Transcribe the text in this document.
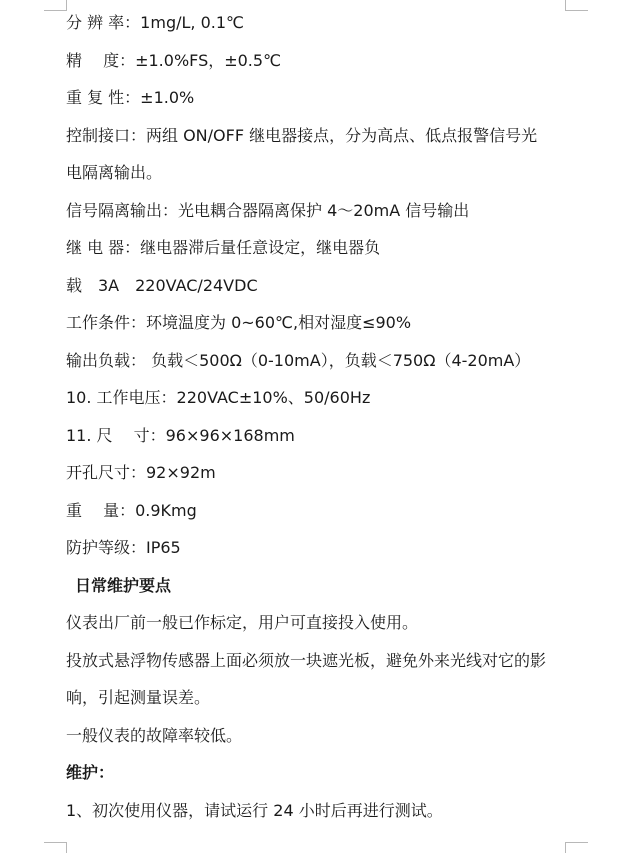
分 辨 率：1mg/L, 0.1℃
精　 度：±1.0%FS，±0.5℃
重 复 性：±1.0%
控制接口：两组 ON/OFF 继电器接点，分为高点、低点报警信号光
电隔离输出。
信号隔离输出：光电耦合器隔离保护 4～20mA 信号输出
继 电 器：继电器滞后量任意设定，继电器负
载　3A　220VAC/24VDC
工作条件：环境温度为 0~60℃,相对湿度≤90%
输出负载： 负载＜500Ω（0-10mA），负载＜750Ω（4-20mA）
10. 工作电压：220VAC±10%、50/60Hz
11. 尺　 寸：96×96×168mm
开孔尺寸：92×92m
重　 量：0.9Kmg
防护等级：IP65
日常维护要点
仪表出厂前一般已作标定，用户可直接投入使用。
投放式悬浮物传感器上面必须放一块遮光板，避免外来光线对它的影
响，引起测量误差。
一般仪表的故障率较低。
维护：
1、初次使用仪器，请试运行 24 小时后再进行测试。
